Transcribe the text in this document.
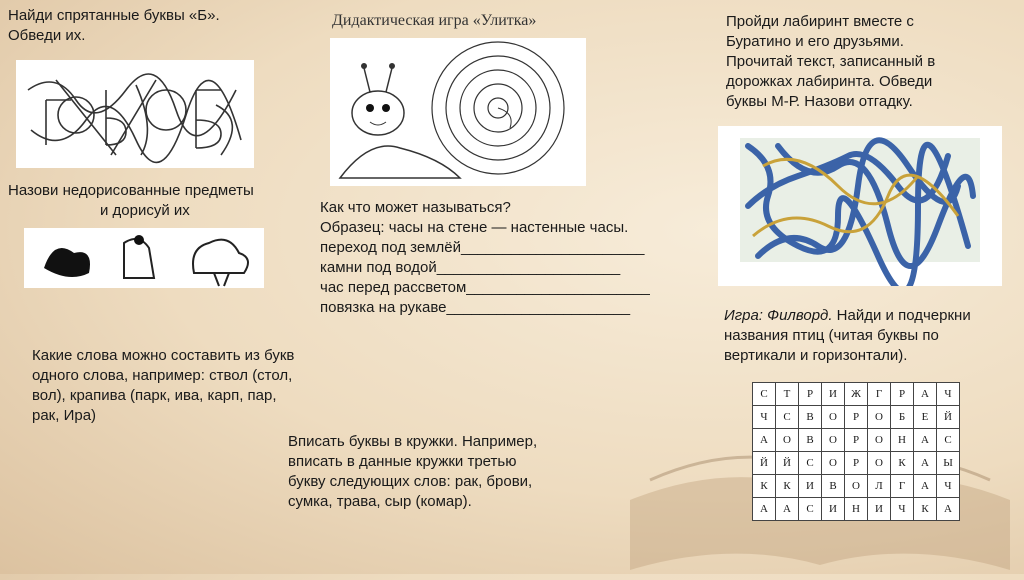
Найди спрятанные буквы «Б».

Обведи их.

Назови недорисованные предметы

и дорисуй их

Дидактическая игра «Улитка»

Как что может называться?

Образец: часы на стене — настенные часы.

переход под землёй______________________

камни под водой______________________

час перед рассветом______________________

повязка на рукаве______________________

Пройди лабиринт вместе с

Буратино и его друзьями.

Прочитай текст, записанный в

дорожках лабиринта. Обведи

буквы М-Р. Назови отгадку.

Игра: Филворд. Найди и подчеркни

названия птиц (читая буквы по

вертикали и горизонтали).

С	Т	Р	И	Ж	Г	Р	А	Ч
Ч	С	В	О	Р	О	Б	Е	Й
А	О	В	О	Р	О	Н	А	С
Й	Й	С	О	Р	О	К	А	Ы
К	К	И	В	О	Л	Г	А	Ч
А	А	С	И	Н	И	Ч	К	А

Какие слова можно составить из букв

одного слова, например: ствол (стол,

вол), крапива (парк, ива, карп, пар,

рак, Ира)

Вписать буквы в кружки. Например,

вписать в данные кружки третью

букву следующих слов: рак, брови,

сумка, трава, сыр (комар).
